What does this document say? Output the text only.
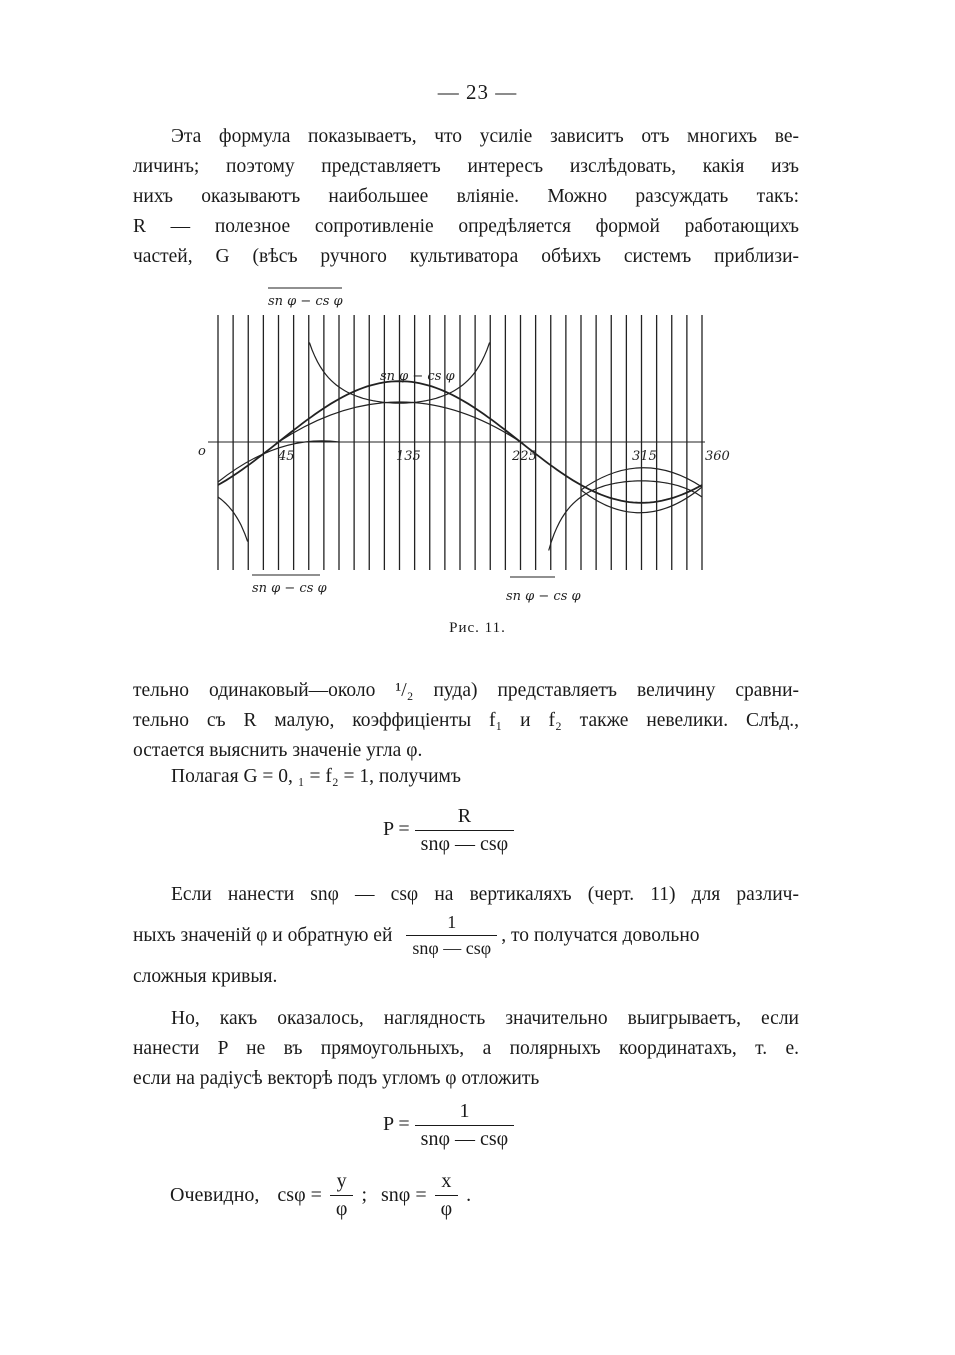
— 23 —
Эта формула показываетъ, что усилiе зависитъ отъ многихъ ве-
личинъ; поэтому представляетъ интересъ изслѣдовать, какiя изъ
нихъ оказываютъ наибольшее влiянiе. Можно разсуждать такъ:
R — полезное сопротивленiе опредѣляется формой работающихъ
частей, G (вѣсъ ручного культиватора обѣихъ системъ приблизи-
o	45	135	225	315	360
sn φ − cs φ
sn φ − cs φ
sn φ − cs φ
sn φ − cs φ
Рис. 11.
тельно одинаковый—около ¹/₂ пуда) представляетъ величину сравни-
тельно съ R малую, коэффицiенты f₁ и f₂ также невелики. Слѣд.,
остается выяснить значенiе угла φ.
Полагая G = 0, ₁ = f₂ = 1, получимъ
$P = \frac{R}{\text{snφ — csφ}}$
Если нанести snφ — csφ на вертикаляхъ (черт. 11) для различ-
ныхъ значенiй φ и обратную ей $\frac{1}{\text{snφ — csφ}}$ , то получатся довольно
сложныя кривыя.
Но, какъ оказалось, наглядность значительно выигрываетъ, если
нанести P не въ прямоугольныхъ, а полярныхъ координатахъ, т. е.
если на радiусѣ векторѣ подъ угломъ φ отложить
$P = \frac{1}{\text{snφ — csφ}}$
Очевидно, $cs\varphi = \frac{y}{\varphi}$ ; $sn\varphi = \frac{x}{\varphi}$ .
